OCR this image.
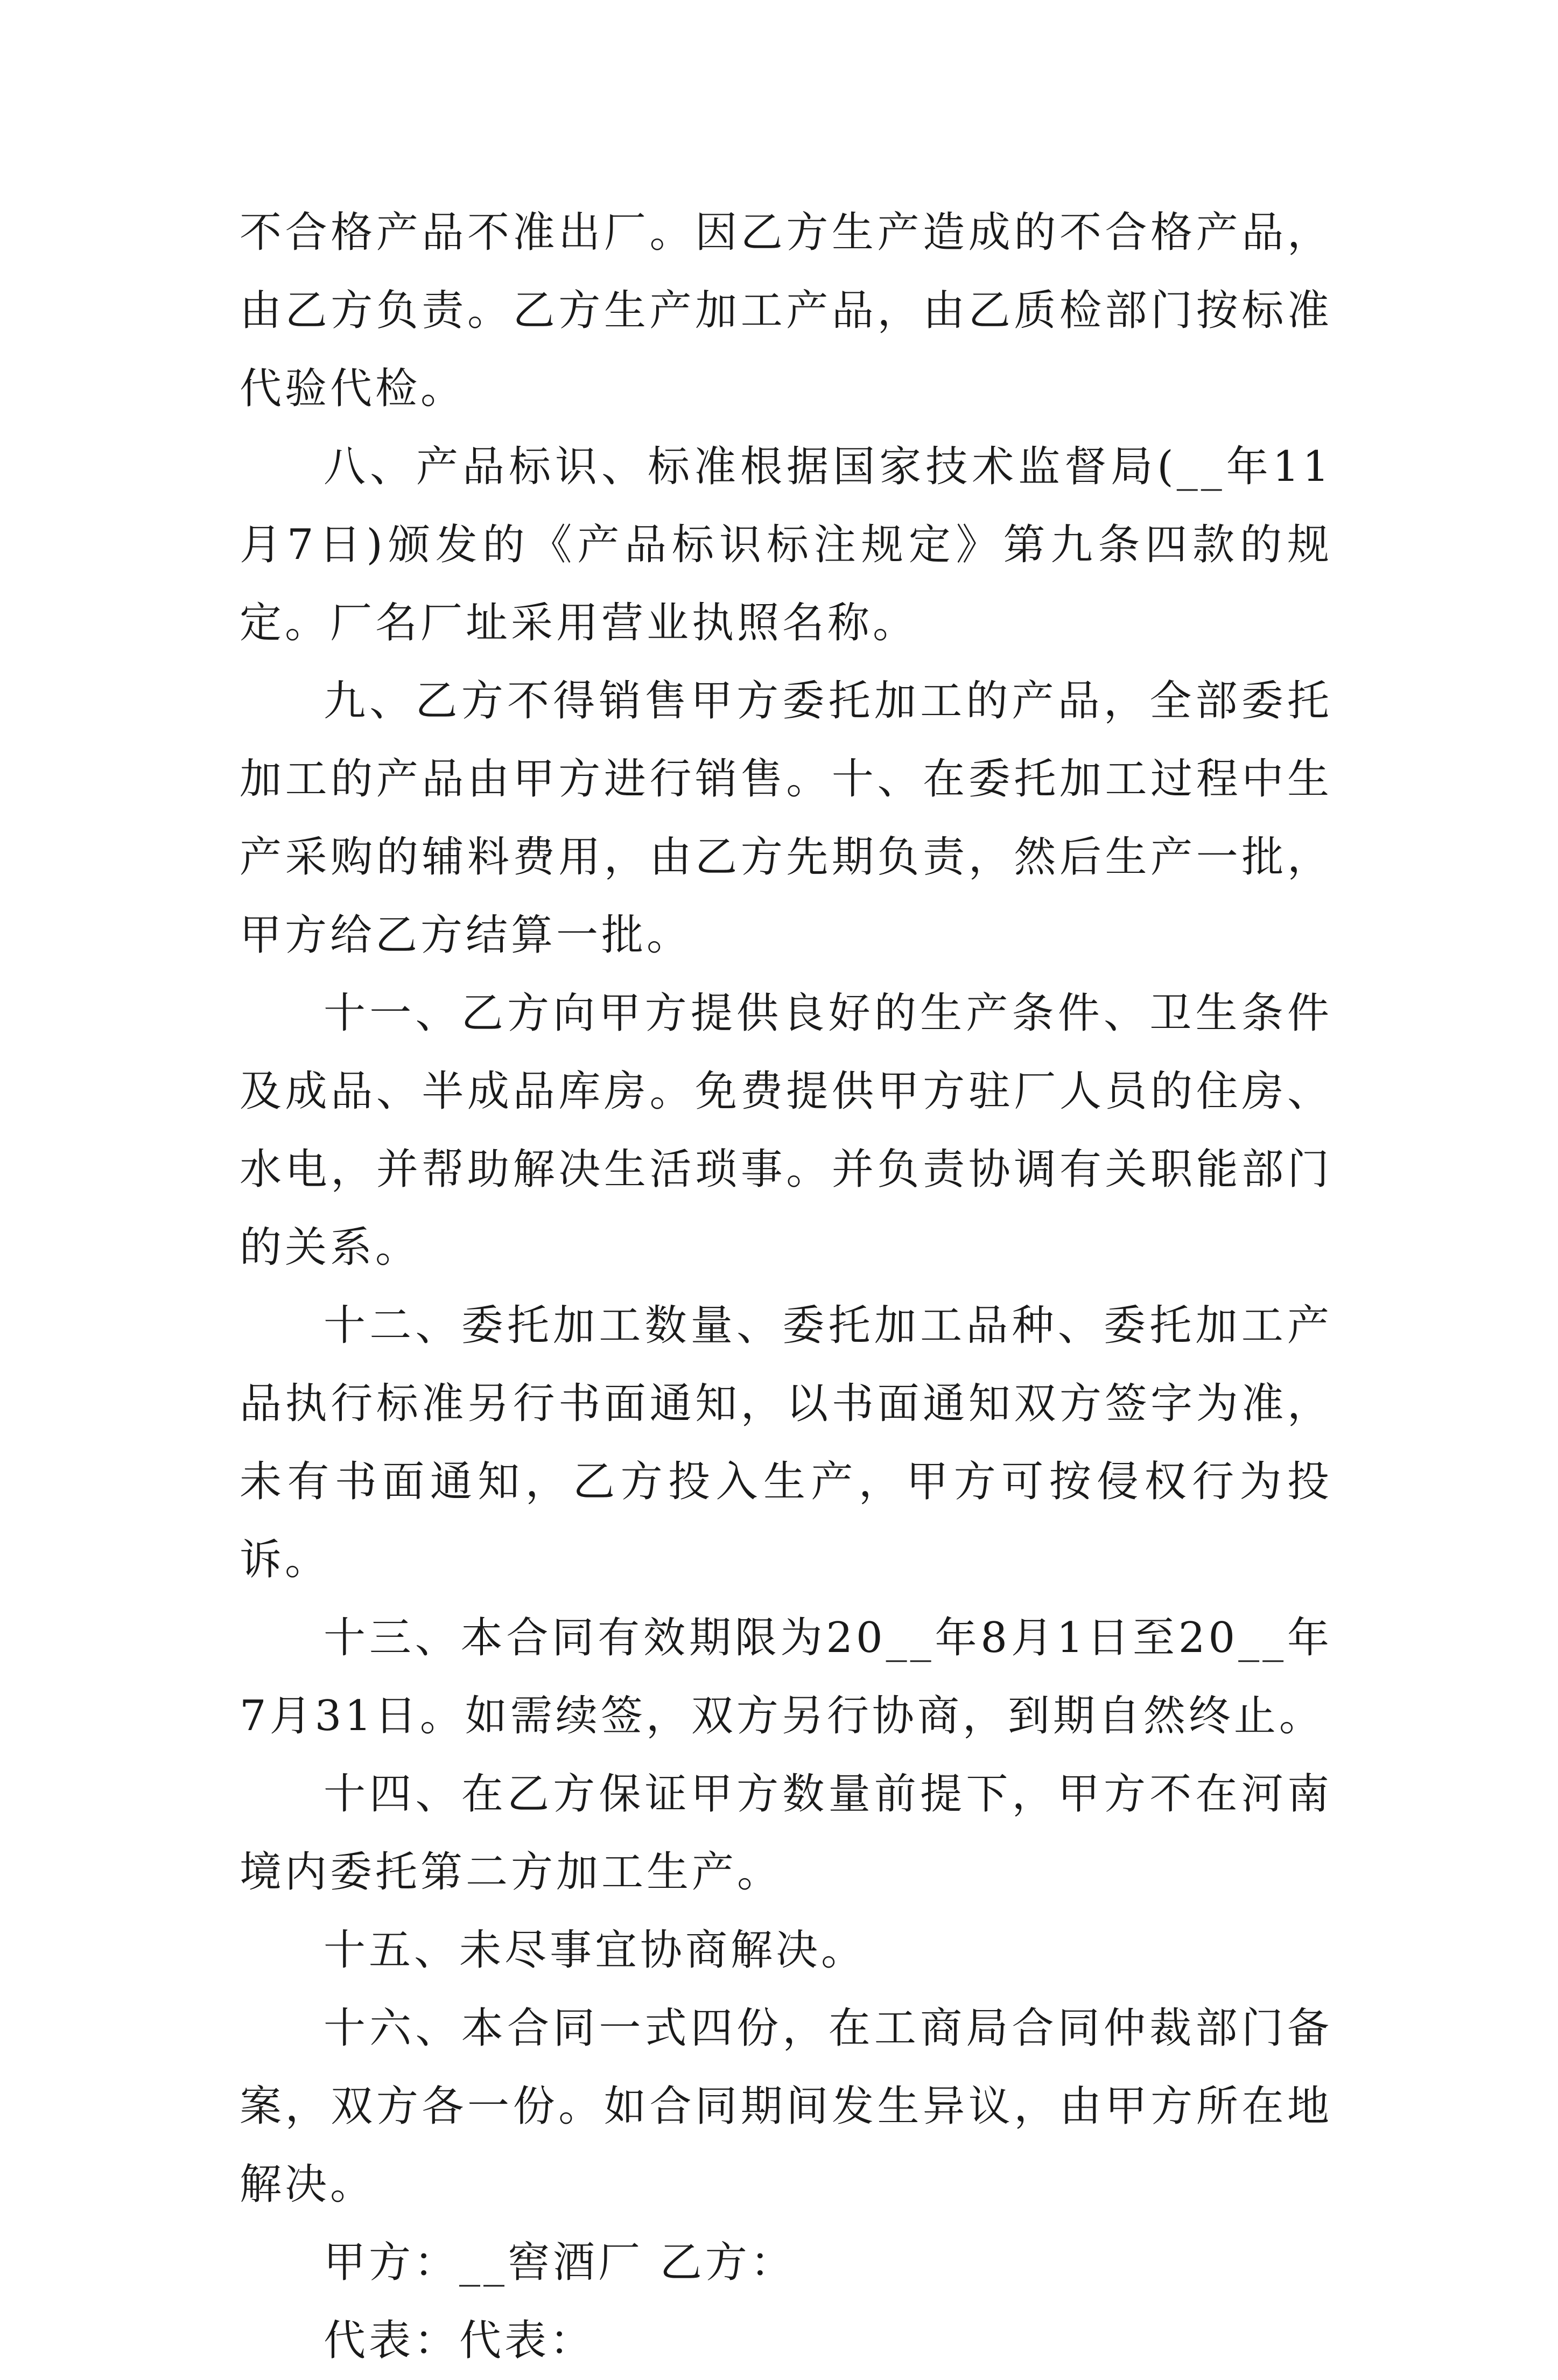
不合格产品不准出厂。因乙方生产造成的不合格产品，由乙方负责。乙方生产加工产品，由乙质检部门按标准代验代检。

八、产品标识、标准根据国家技术监督局(__年11月7日)颁发的《产品标识标注规定》第九条四款的规定。厂名厂址采用营业执照名称。

九、乙方不得销售甲方委托加工的产品，全部委托加工的产品由甲方进行销售。十、在委托加工过程中生产采购的辅料费用，由乙方先期负责，然后生产一批，甲方给乙方结算一批。

十一、乙方向甲方提供良好的生产条件、卫生条件及成品、半成品库房。免费提供甲方驻厂人员的住房、水电，并帮助解决生活琐事。并负责协调有关职能部门的关系。

十二、委托加工数量、委托加工品种、委托加工产品执行标准另行书面通知，以书面通知双方签字为准，未有书面通知，乙方投入生产，甲方可按侵权行为投诉。

十三、本合同有效期限为20__年8月1日至20__年7月31日。如需续签，双方另行协商，到期自然终止。

十四、在乙方保证甲方数量前提下，甲方不在河南境内委托第二方加工生产。

十五、未尽事宜协商解决。

十六、本合同一式四份，在工商局合同仲裁部门备案，双方各一份。如合同期间发生异议，由甲方所在地解决。

甲方：__窖酒厂 乙方：

代表：代表：
